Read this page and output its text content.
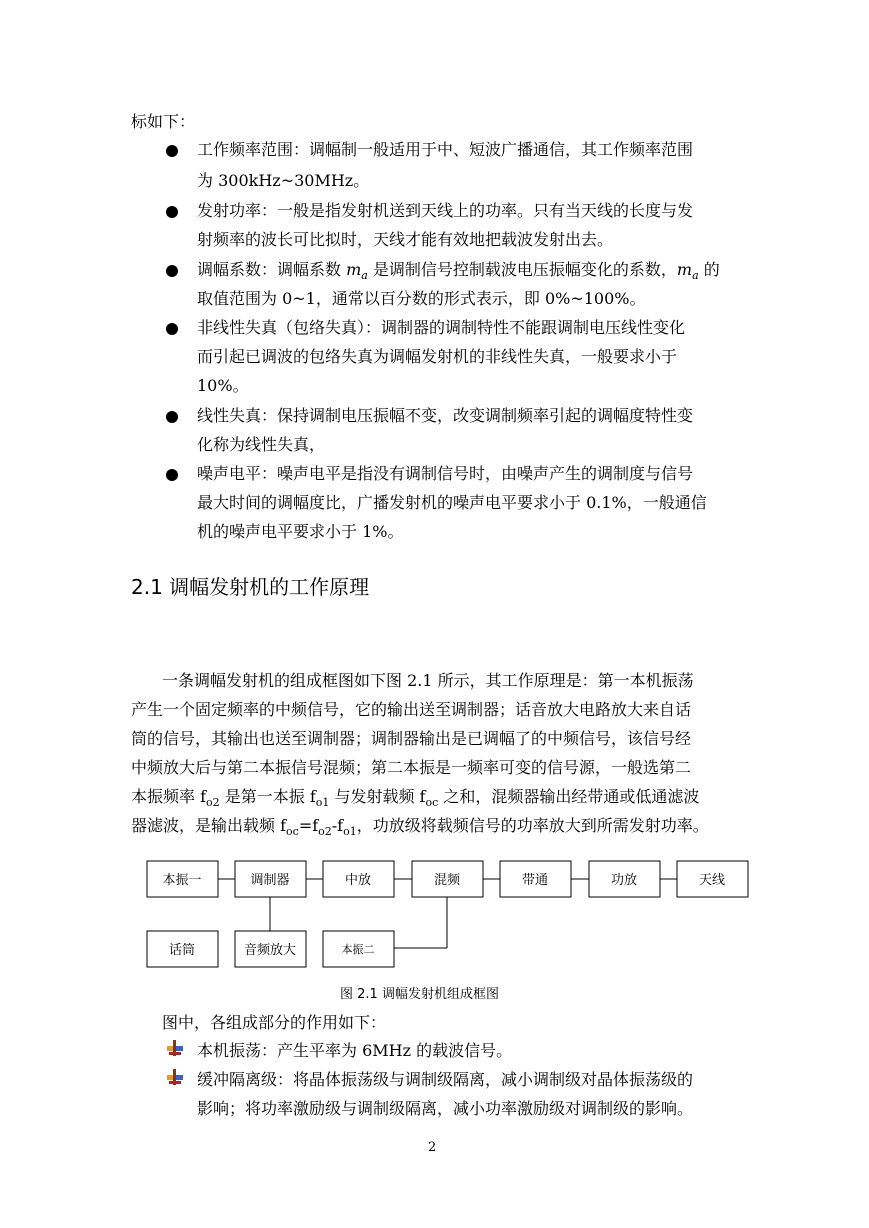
标如下：
工作频率范围：调幅制一般适用于中、短波广播通信，其工作频率范围
为 300kHz~30MHz。
发射功率：一般是指发射机送到天线上的功率。只有当天线的长度与发
射频率的波长可比拟时，天线才能有效地把载波发射出去。
调幅系数：调幅系数 $m_a$ 是调制信号控制载波电压振幅变化的系数，$m_a$ 的
取值范围为 0~1，通常以百分数的形式表示，即 0%~100%。
非线性失真（包络失真）：调制器的调制特性不能跟调制电压线性变化
而引起已调波的包络失真为调幅发射机的非线性失真，一般要求小于
10%。
线性失真：保持调制电压振幅不变，改变调制频率引起的调幅度特性变
化称为线性失真，
噪声电平：噪声电平是指没有调制信号时，由噪声产生的调制度与信号
最大时间的调幅度比，广播发射机的噪声电平要求小于 0.1%，一般通信
机的噪声电平要求小于 1%。
2.1 调幅发射机的工作原理
一条调幅发射机的组成框图如下图 2.1 所示，其工作原理是：第一本机振荡
产生一个固定频率的中频信号，它的输出送至调制器；话音放大电路放大来自话
筒的信号，其输出也送至调制器；调制器输出是已调幅了的中频信号，该信号经
中频放大后与第二本振信号混频；第二本振是一频率可变的信号源，一般选第二
本振频率 $f_{o2}$ 是第一本振 $f_{o1}$ 与发射载频 $f_{oc}$ 之和，混频器输出经带通或低通滤波
器滤波，是输出载频 $f_{oc}=f_{o2}-f_{o1}$，功放级将载频信号的功率放大到所需发射功率。
本振一	调制器	中放	混频	带通	功放	天线
话筒	音频放大	本振二
图 2.1 调幅发射机组成框图
图中，各组成部分的作用如下：
本机振荡：产生平率为 6MHz 的载波信号。
缓冲隔离级：将晶体振荡级与调制级隔离，减小调制级对晶体振荡级的
影响；将功率激励级与调制级隔离，减小功率激励级对调制级的影响。
2
